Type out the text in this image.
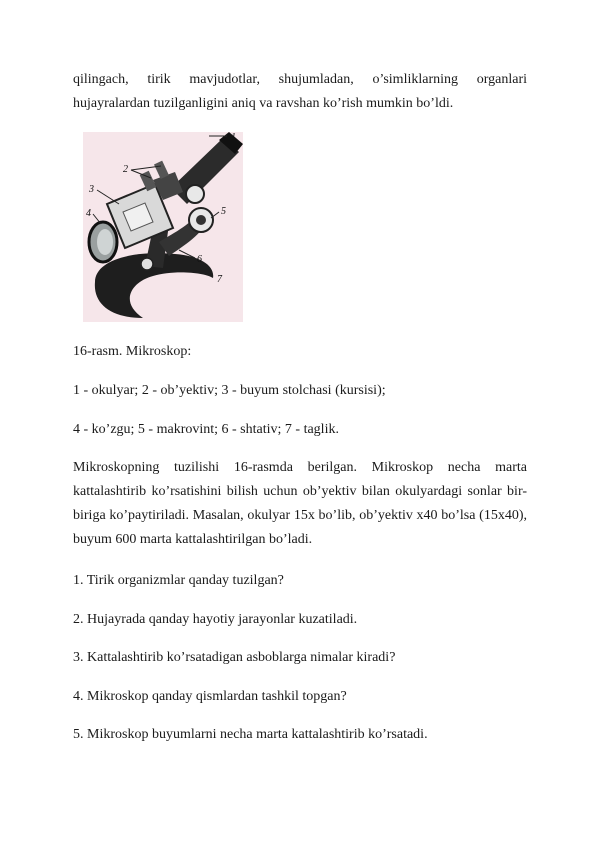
qilingach, tirik mavjudotlar, shujumladan, o’simliklarning organlari
hujayralardan tuzilganligini aniq va ravshan ko’rish mumkin bo’ldi.
1
2
3
4	5
6
7
16-rasm. Mikroskop:
1 - okulyar; 2 - ob’yektiv; 3 - buyum stolchasi (kursisi);
4 - ko’zgu; 5 - makrovint; 6 - shtativ; 7 - taglik.
Mikroskopning tuzilishi 16-rasmda berilgan. Mikroskop necha marta
kattalashtirib ko’rsatishini bilish uchun ob’yektiv bilan okulyardagi sonlar bir-
biriga ko’paytiriladi. Masalan, okulyar 15x bo’lib, ob’yektiv x40 bo’lsa (15x40),
buyum 600 marta kattalashtirilgan bo’ladi.
1. Tirik organizmlar qanday tuzilgan?
2. Hujayrada qanday hayotiy jarayonlar kuzatiladi.
3. Kattalashtirib ko’rsatadigan asboblarga nimalar kiradi?
4. Mikroskop qanday qismlardan tashkil topgan?
5. Mikroskop buyumlarni necha marta kattalashtirib ko’rsatadi.
